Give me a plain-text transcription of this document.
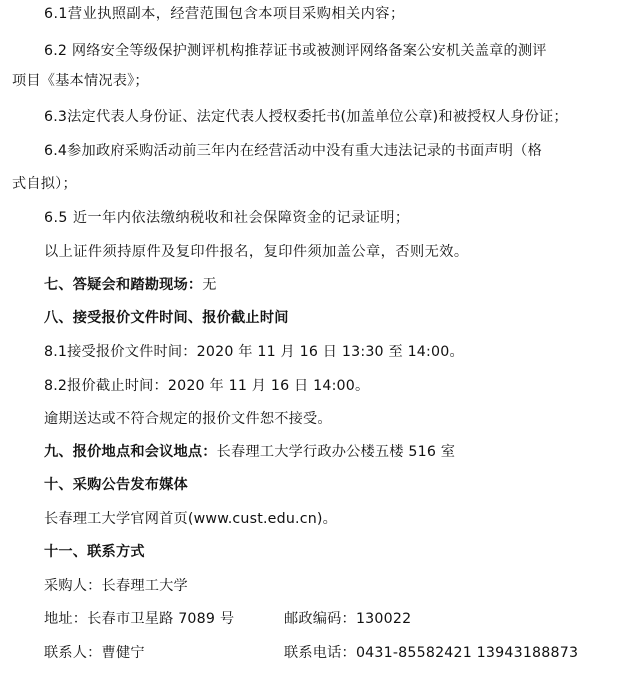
6.1营业执照副本，经营范围包含本项目采购相关内容；
6.2 网络安全等级保护测评机构推荐证书或被测评网络备案公安机关盖章的测评
项目《基本情况表》；
6.3法定代表人身份证、法定代表人授权委托书(加盖单位公章)和被授权人身份证；
6.4参加政府采购活动前三年内在经营活动中没有重大违法记录的书面声明（格
式自拟）；
6.5 近一年内依法缴纳税收和社会保障资金的记录证明；
以上证件须持原件及复印件报名，复印件须加盖公章，否则无效。
七、答疑会和踏勘现场：无
八、接受报价文件时间、报价截止时间
8.1接受报价文件时间：2020 年 11 月 16 日 13:30 至 14:00。
8.2报价截止时间：2020 年 11 月 16 日 14:00。
逾期送达或不符合规定的报价文件恕不接受。
九、报价地点和会议地点：长春理工大学行政办公楼五楼 516 室
十、采购公告发布媒体
长春理工大学官网首页(www.cust.edu.cn)。
十一、联系方式
采购人：长春理工大学
地址：长春市卫星路 7089 号	邮政编码：130022
联系人：曹健宁	联系电话：0431-85582421 13943188873
